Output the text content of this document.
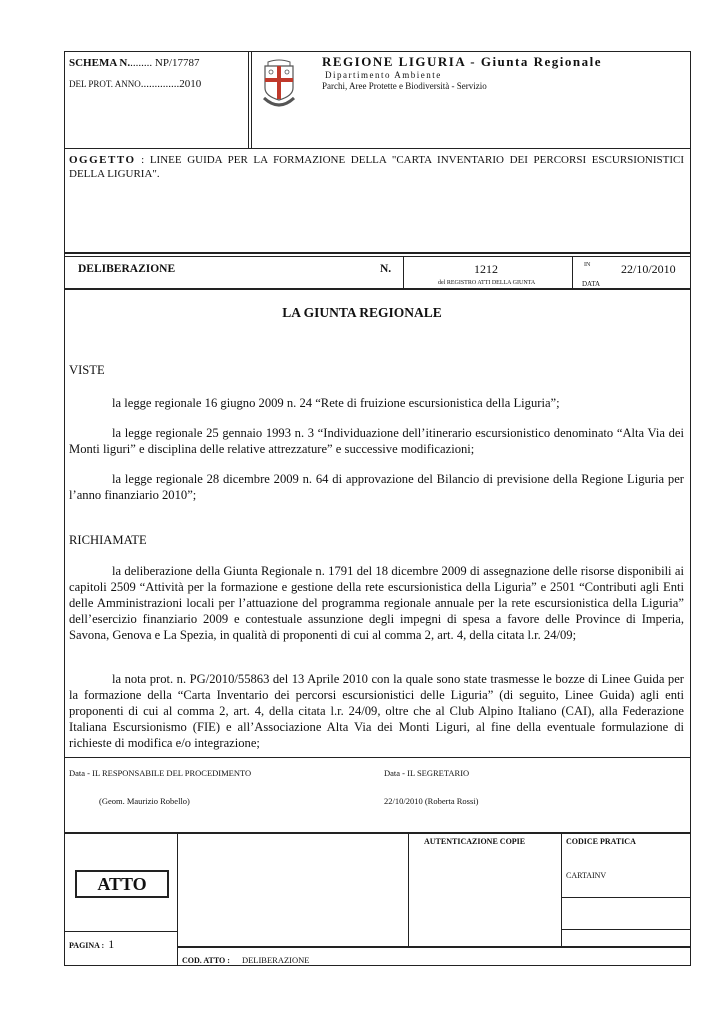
SCHEMA N......... NP/17787
DEL PROT. ANNO..............2010
REGIONE LIGURIA - Giunta Regionale
Dipartimento Ambiente
Parchi, Aree Protette e Biodiversità - Servizio
OGGETTO : LINEE GUIDA PER LA FORMAZIONE DELLA "CARTA INVENTARIO DEI PERCORSI ESCURSIONISTICI DELLA LIGURIA".
DELIBERAZIONE	N.	1212
del REGISTRO ATTI DELLA GIUNTA
IN	22/10/2010
DATA
LA GIUNTA REGIONALE
VISTE
la legge regionale 16 giugno 2009 n. 24 “Rete di fruizione escursionistica della Liguria”;
la legge regionale 25 gennaio 1993 n. 3 “Individuazione dell’itinerario escursionistico denominato “Alta Via dei Monti liguri” e disciplina delle relative attrezzature” e successive modificazioni;
la legge regionale 28 dicembre 2009 n. 64 di approvazione del Bilancio di previsione della Regione Liguria per l’anno finanziario 2010”;
RICHIAMATE
la deliberazione della Giunta Regionale n. 1791 del 18 dicembre 2009 di assegnazione delle risorse disponibili ai capitoli 2509 “Attività per la formazione e gestione della rete escursionistica della Liguria” e 2501 “Contributi agli Enti delle Amministrazioni locali per l’attuazione del programma regionale annuale per la rete escursionistica della Liguria” dell’esercizio finanziario 2009 e contestuale assunzione degli impegni di spesa a favore delle Province di Imperia, Savona, Genova e La Spezia, in qualità di proponenti di cui al comma 2, art. 4, della citata l.r. 24/09;
la nota prot. n. PG/2010/55863 del 13 Aprile 2010 con la quale sono state trasmesse le bozze di Linee Guida per la formazione della “Carta Inventario dei percorsi escursionistici delle Liguria” (di seguito, Linee Guida) agli enti proponenti di cui al comma 2, art. 4, della citata l.r. 24/09, oltre che al Club Alpino Italiano (CAI), alla Federazione Italiana Escursionismo (FIE) e all’Associazione Alta Via dei Monti Liguri, al fine della eventuale formulazione di richieste di modifica e/o integrazione;
Data - IL RESPONSABILE DEL PROCEDIMENTO
(Geom. Maurizio Robello)
Data - IL SEGRETARIO
22/10/2010 (Roberta Rossi)
AUTENTICAZIONE COPIE	CODICE PRATICA
CARTAINV
ATTO
PAGINA : 1
COD. ATTO : DELIBERAZIONE
